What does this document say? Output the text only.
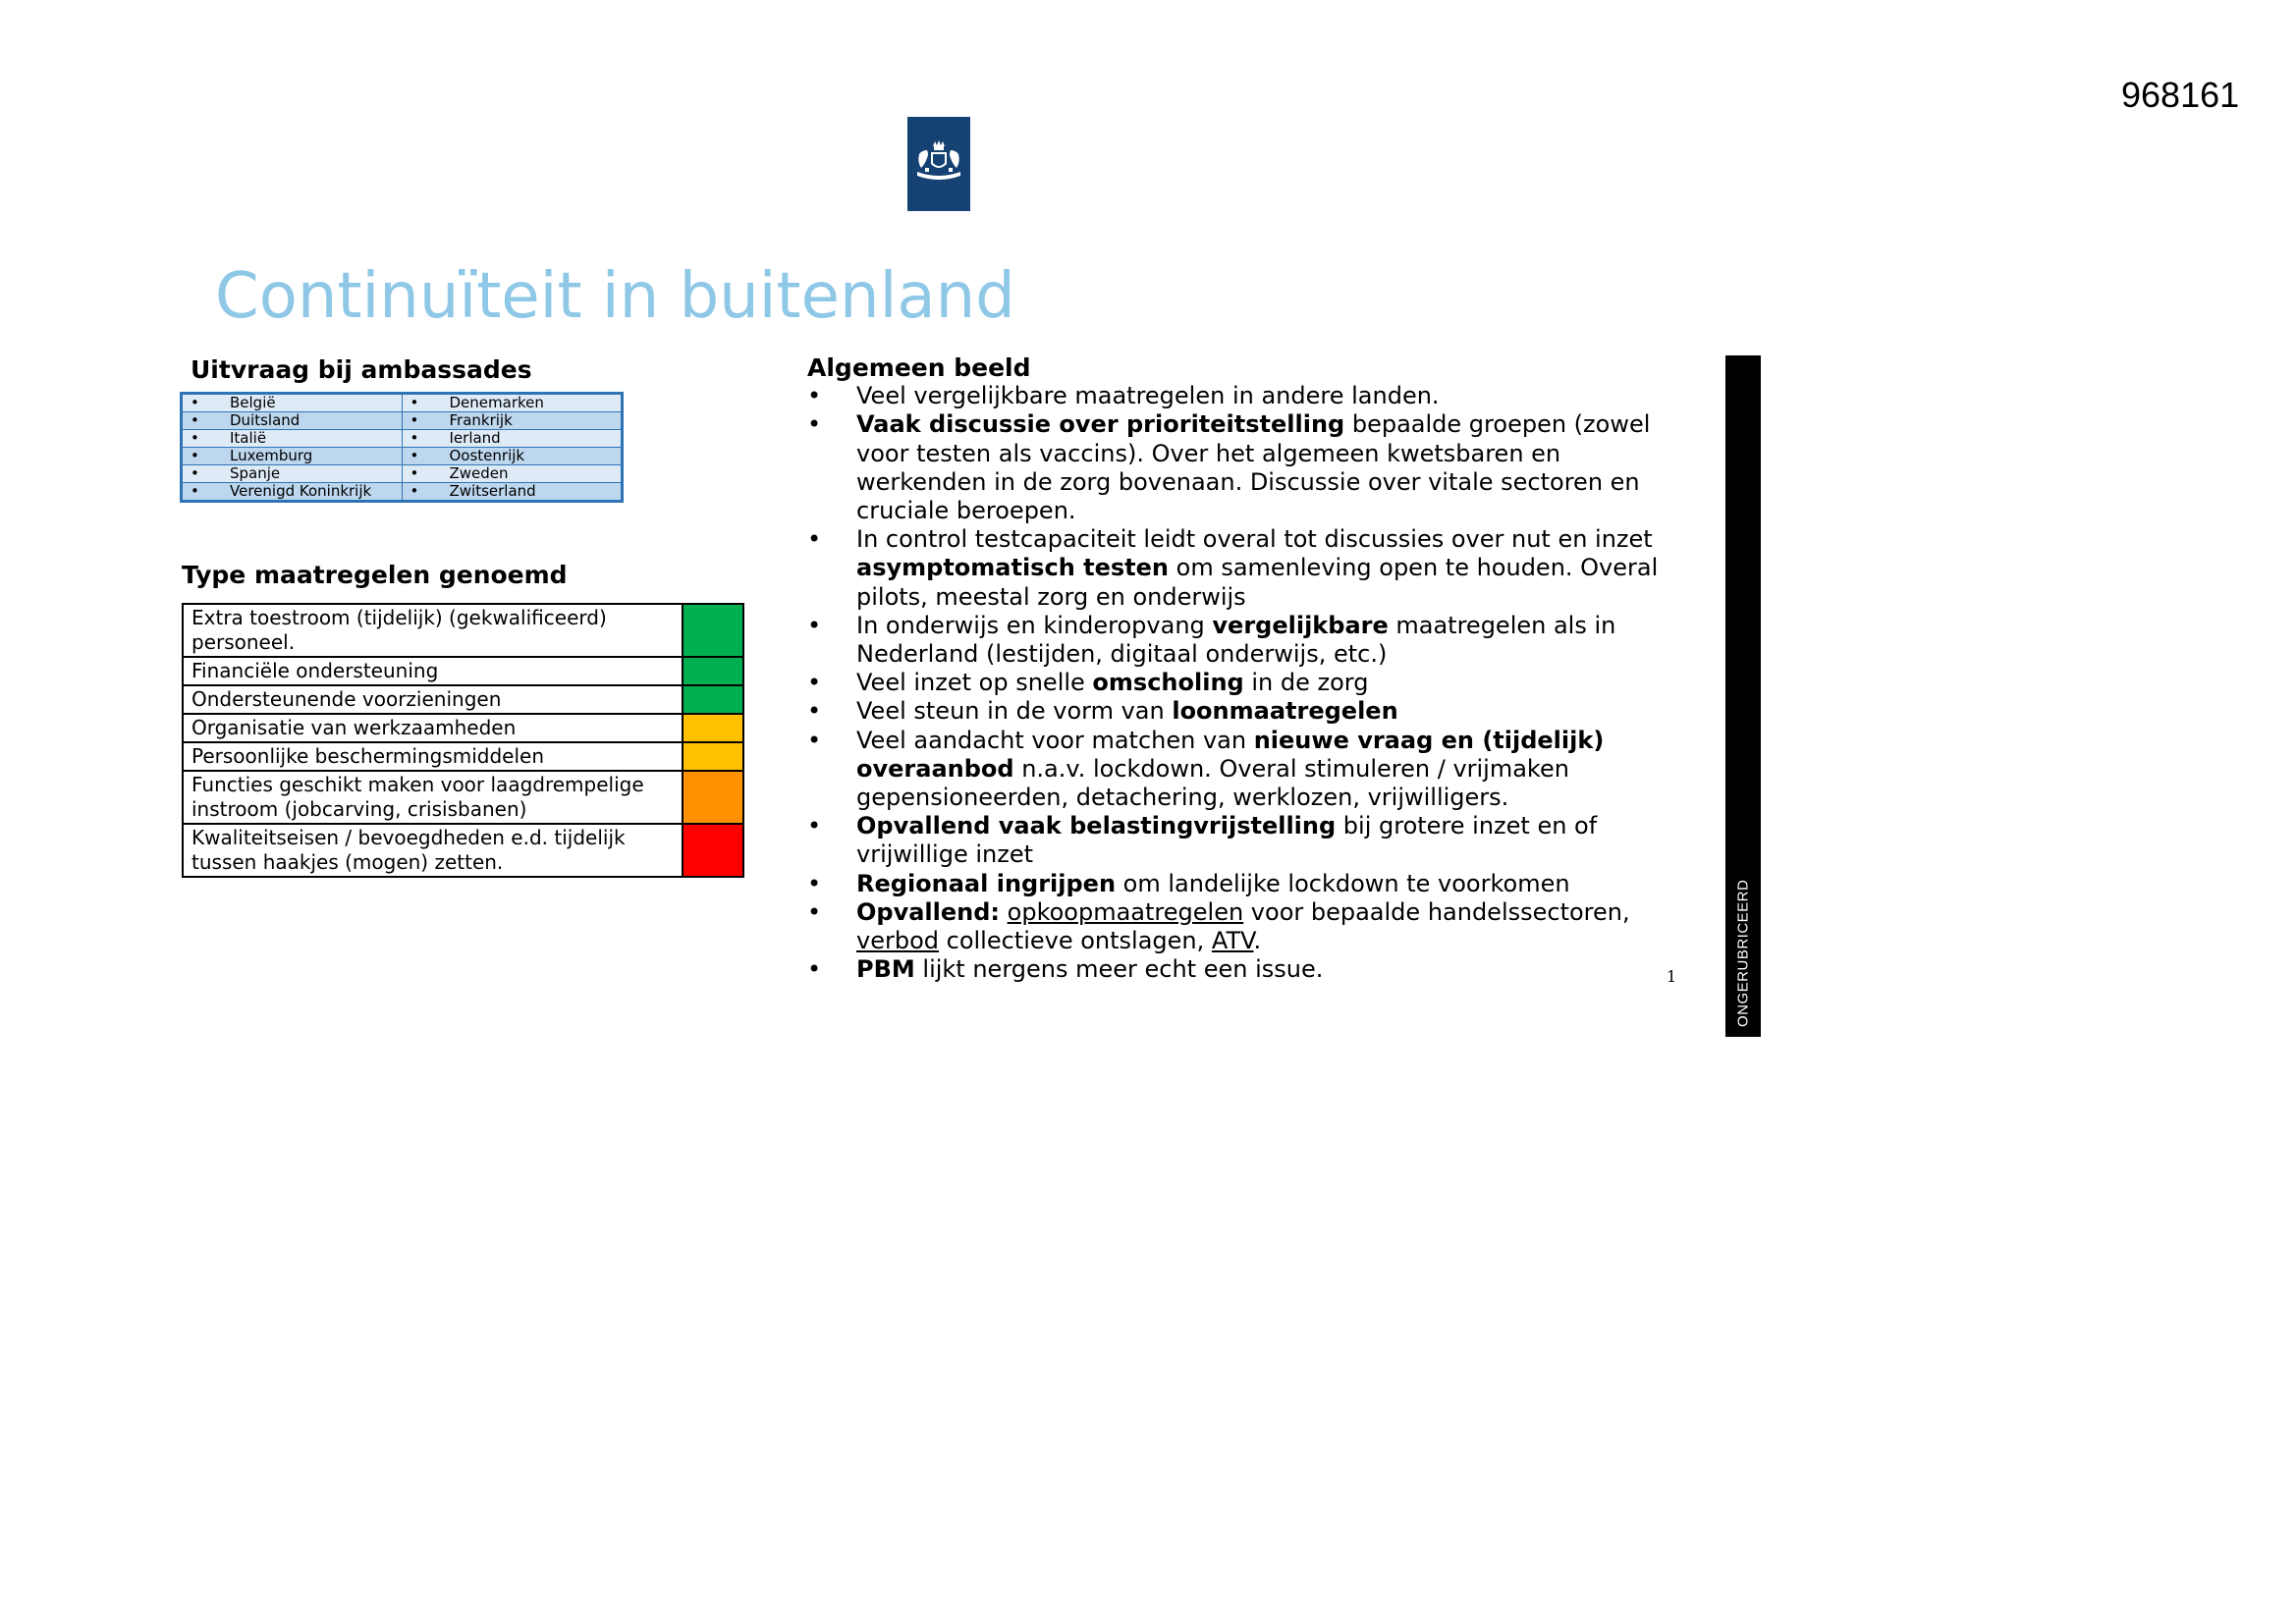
968161
Continuïteit in buitenland
Uitvraag bij ambassades
• België	• Denemarken
• Duitsland	• Frankrijk
• Italië	• Ierland
• Luxemburg	• Oostenrijk
• Spanje	• Zweden
• Verenigd Koninkrijk	• Zwitserland
Type maatregelen genoemd
Extra toestroom (tijdelijk) (gekwalificeerd) personeel.	
Financiële ondersteuning	
Ondersteunende voorzieningen	
Organisatie van werkzaamheden	
Persoonlijke beschermingsmiddelen	
Functies geschikt maken voor laagdrempelige instroom (jobcarving, crisisbanen)	
Kwaliteitseisen / bevoegdheden e.d. tijdelijk tussen haakjes (mogen) zetten.	
Algemeen beeld
• Veel vergelijkbare maatregelen in andere landen.
• Vaak discussie over prioriteitstelling bepaalde groepen (zowel voor testen als vaccins). Over het algemeen kwetsbaren en werkenden in de zorg bovenaan. Discussie over vitale sectoren en cruciale beroepen.
• In control testcapaciteit leidt overal tot discussies over nut en inzet asymptomatisch testen om samenleving open te houden. Overal pilots, meestal zorg en onderwijs
• In onderwijs en kinderopvang vergelijkbare maatregelen als in Nederland (lestijden, digitaal onderwijs, etc.)
• Veel inzet op snelle omscholing in de zorg
• Veel steun in de vorm van loonmaatregelen
• Veel aandacht voor matchen van nieuwe vraag en (tijdelijk) overaanbod n.a.v. lockdown. Overal stimuleren / vrijmaken gepensioneerden, detachering, werklozen, vrijwilligers.
• Opvallend vaak belastingvrijstelling bij grotere inzet en of vrijwillige inzet
• Regionaal ingrijpen om landelijke lockdown te voorkomen
• Opvallend: opkoopmaatregelen voor bepaalde handelssectoren, verbod collectieve ontslagen, ATV.
• PBM lijkt nergens meer echt een issue.	1	ONGERUBRICEERD
